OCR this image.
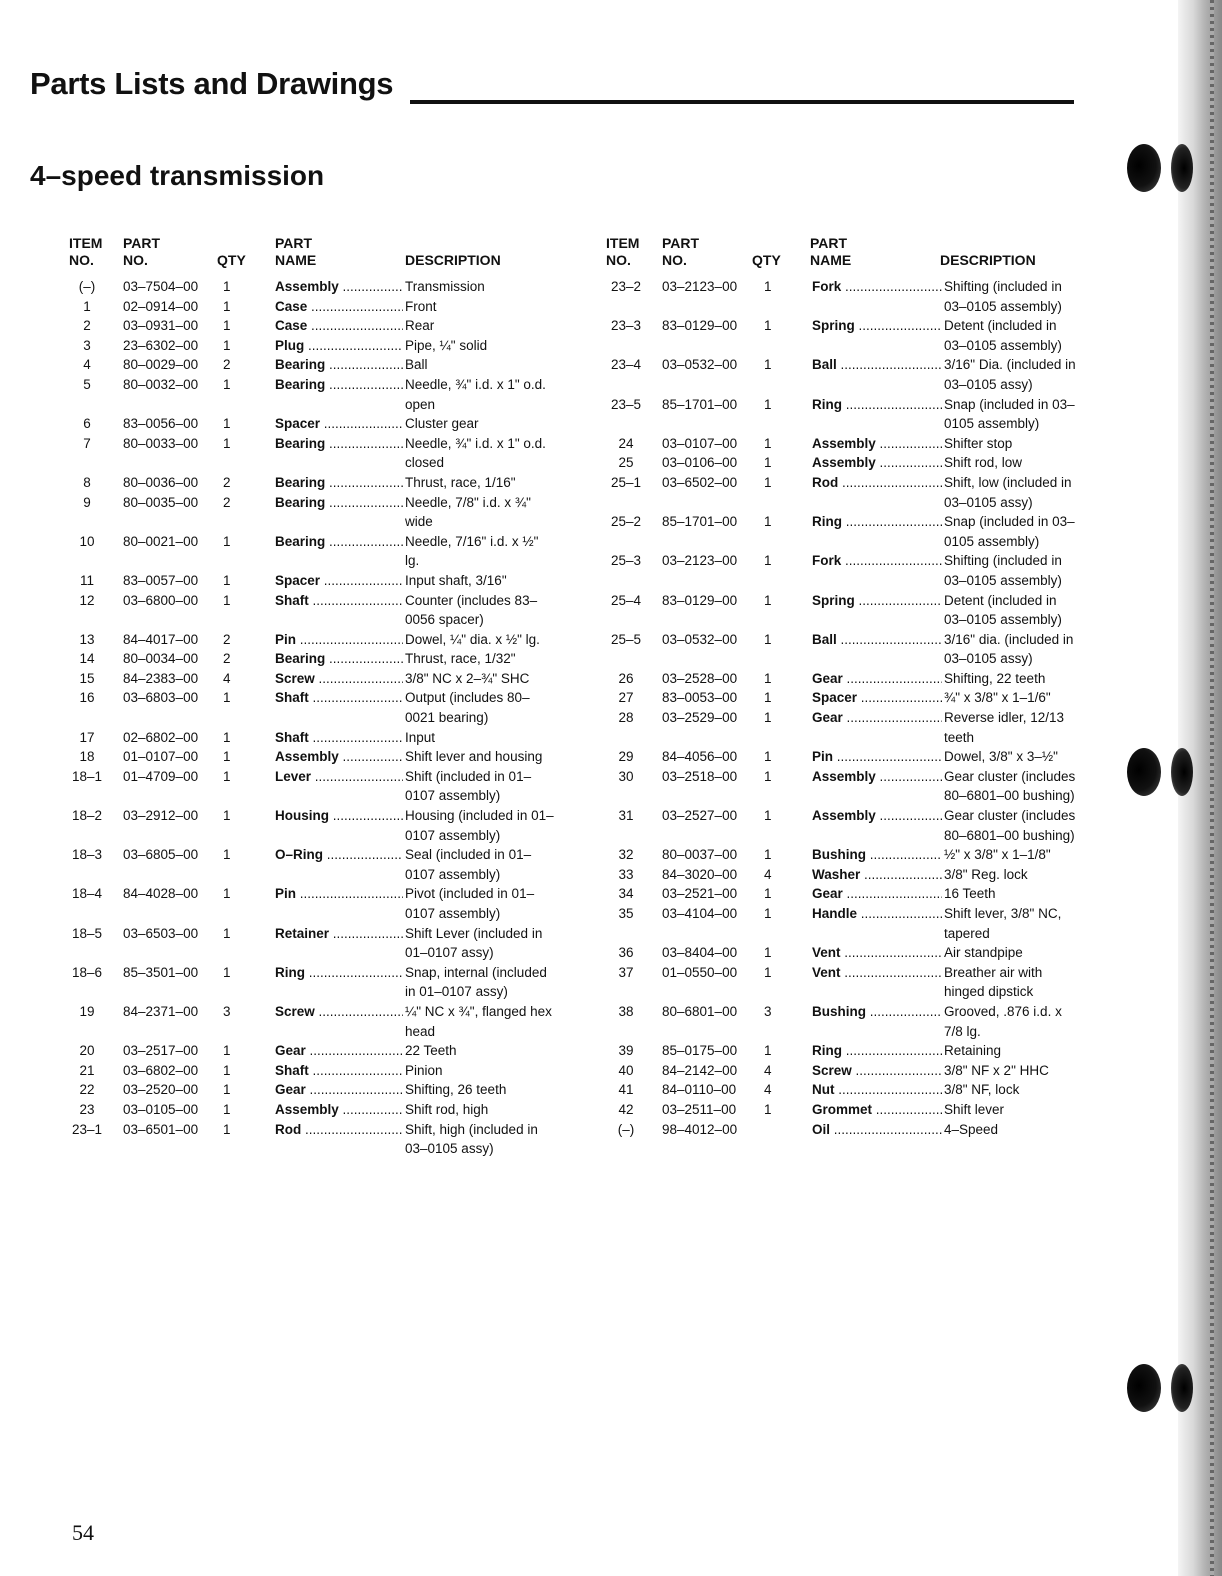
Parts Lists and Drawings
4–speed transmission
ITEM
NO.
PART
NO.	QTY
PART
NAME	DESCRIPTION
(–)	03–7504–00 1	Assembly .....	Transmission
1	02–0914–00 1	Case .....	Front
2	03–0931–00 1	Case .....	Rear
3	23–6302–00 1	Plug .....	Pipe, ¼" solid
4	80–0029–00 2	Bearing .....	Ball
5	80–0032–00 1	Bearing .....	Needle, ¾" i.d. x 1" o.d. open
6	83–0056–00 1	Spacer .....	Cluster gear
7	80–0033–00 1	Bearing .....	Needle, ¾" i.d. x 1" o.d. closed
8	80–0036–00 2	Bearing .....	Thrust, race, 1/16"
9	80–0035–00 2	Bearing .....	Needle, 7/8" i.d. x ¾" wide
10	80–0021–00 1	Bearing .....	Needle, 7/16" i.d. x ½" lg.
11	83–0057–00 1	Spacer .....	Input shaft, 3/16"
12	03–6800–00 1	Shaft .....	Counter (includes 83–0056 spacer)
13	84–4017–00 2	Pin .....	Dowel, ¼" dia. x ½" lg.
14	80–0034–00 2	Bearing .....	Thrust, race, 1/32"
15	84–2383–00 4	Screw .....	3/8" NC x 2–¾" SHC
16	03–6803–00 1	Shaft .....	Output (includes 80–0021 bearing)
17	02–6802–00 1	Shaft .....	Input
18	01–0107–00 1	Assembly .....	Shift lever and housing
18–1	01–4709–00 1	Lever .....	Shift (included in 01–0107 assembly)
18–2	03–2912–00 1	Housing .....	Housing (included in 01–0107 assembly)
18–3	03–6805–00 1	O–Ring .....	Seal (included in 01–0107 assembly)
18–4	84–4028–00 1	Pin .....	Pivot (included in 01–0107 assembly)
18–5	03–6503–00 1	Retainer .....	Shift Lever (included in 01–0107 assy)
18–6	85–3501–00 1	Ring .....	Snap, internal (included in 01–0107 assy)
19	84–2371–00 3	Screw .....	¼" NC x ¾", flanged hex head
20	03–2517–00 1	Gear .....	22 Teeth
21	03–6802–00 1	Shaft .....	Pinion
22	03–2520–00 1	Gear .....	Shifting, 26 teeth
23	03–0105–00 1	Assembly .....	Shift rod, high
23–1	03–6501–00 1	Rod .....	Shift, high (included in 03–0105 assy)
ITEM
NO.
PART
NO.	QTY
PART
NAME	DESCRIPTION
23–2	03–2123–00 1	Fork .....	Shifting (included in 03–0105 assembly)
23–3	83–0129–00 1	Spring .....	Detent (included in 03–0105 assembly)
23–4	03–0532–00 1	Ball .....	3/16" Dia. (included in 03–0105 assy)
23–5	85–1701–00 1	Ring .....	Snap (included in 03–0105 assembly)
24	03–0107–00 1	Assembly .....	Shifter stop
25	03–0106–00 1	Assembly .....	Shift rod, low
25–1	03–6502–00 1	Rod .....	Shift, low (included in 03–0105 assy)
25–2	85–1701–00 1	Ring .....	Snap (included in 03–0105 assembly)
25–3	03–2123–00 1	Fork .....	Shifting (included in 03–0105 assembly)
25–4	83–0129–00 1	Spring .....	Detent (included in 03–0105 assembly)
25–5	03–0532–00 1	Ball .....	3/16" dia. (included in 03–0105 assy)
26	03–2528–00 1	Gear .....	Shifting, 22 teeth
27	83–0053–00 1	Spacer .....	¾" x 3/8" x 1–1/6"
28	03–2529–00 1	Gear .....	Reverse idler, 12/13 teeth
29	84–4056–00 1	Pin .....	Dowel, 3/8" x 3–½"
30	03–2518–00 1	Assembly .....	Gear cluster (includes 80–6801–00 bushing)
31	03–2527–00 1	Assembly .....	Gear cluster (includes 80–6801–00 bushing)
32	80–0037–00 1	Bushing .....	½" x 3/8" x 1–1/8"
33	84–3020–00 4	Washer .....	3/8" Reg. lock
34	03–2521–00 1	Gear .....	16 Teeth
35	03–4104–00 1	Handle .....	Shift lever, 3/8" NC, tapered
36	03–8404–00 1	Vent .....	Air standpipe
37	01–0550–00 1	Vent .....	Breather air with hinged dipstick
38	80–6801–00 3	Bushing .....	Grooved, .876 i.d. x 7/8 lg.
39	85–0175–00 1	Ring .....	Retaining
40	84–2142–00 4	Screw .....	3/8" NF x 2" HHC
41	84–0110–00 4	Nut .....	3/8" NF, lock
42	03–2511–00 1	Grommet .....	Shift lever
(–)	98–4012–00	Oil .....	4–Speed
54
